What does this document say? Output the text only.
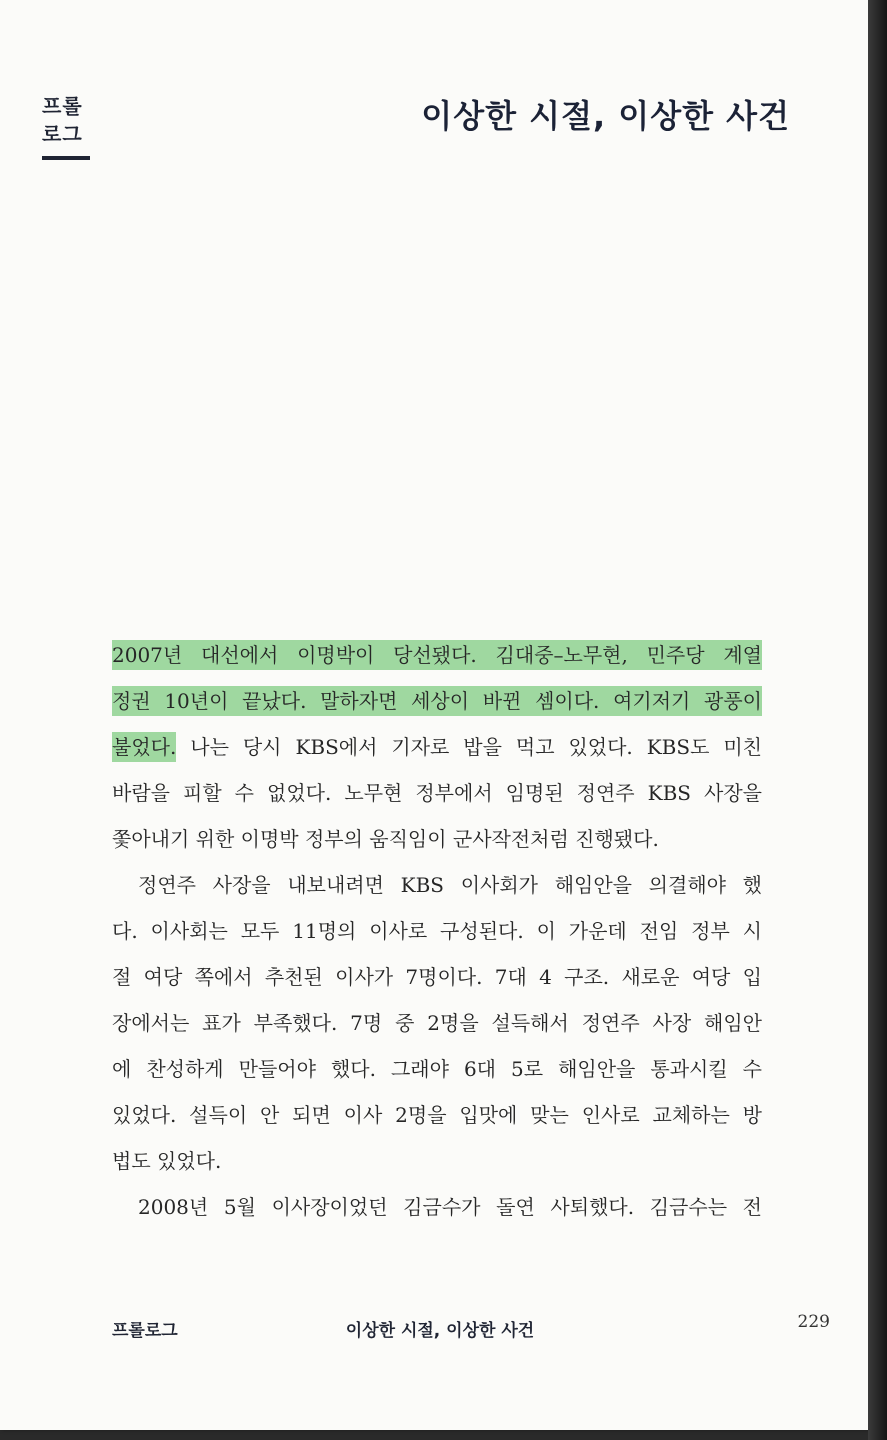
프롤
로그	이상한 시절, 이상한 사건
2007년 대선에서 이명박이 당선됐다. 김대중–노무현, 민주당 계열
정권 10년이 끝났다. 말하자면 세상이 바뀐 셈이다. 여기저기 광풍이
불었다. 나는 당시 KBS에서 기자로 밥을 먹고 있었다. KBS도 미친
바람을 피할 수 없었다. 노무현 정부에서 임명된 정연주 KBS 사장을
쫓아내기 위한 이명박 정부의 움직임이 군사작전처럼 진행됐다.
정연주 사장을 내보내려면 KBS 이사회가 해임안을 의결해야 했
다. 이사회는 모두 11명의 이사로 구성된다. 이 가운데 전임 정부 시
절 여당 쪽에서 추천된 이사가 7명이다. 7대 4 구조. 새로운 여당 입
장에서는 표가 부족했다. 7명 중 2명을 설득해서 정연주 사장 해임안
에 찬성하게 만들어야 했다. 그래야 6대 5로 해임안을 통과시킬 수
있었다. 설득이 안 되면 이사 2명을 입맛에 맞는 인사로 교체하는 방
법도 있었다.
2008년 5월 이사장이었던 김금수가 돌연 사퇴했다. 김금수는 전
프롤로그	이상한 시절, 이상한 사건	229
